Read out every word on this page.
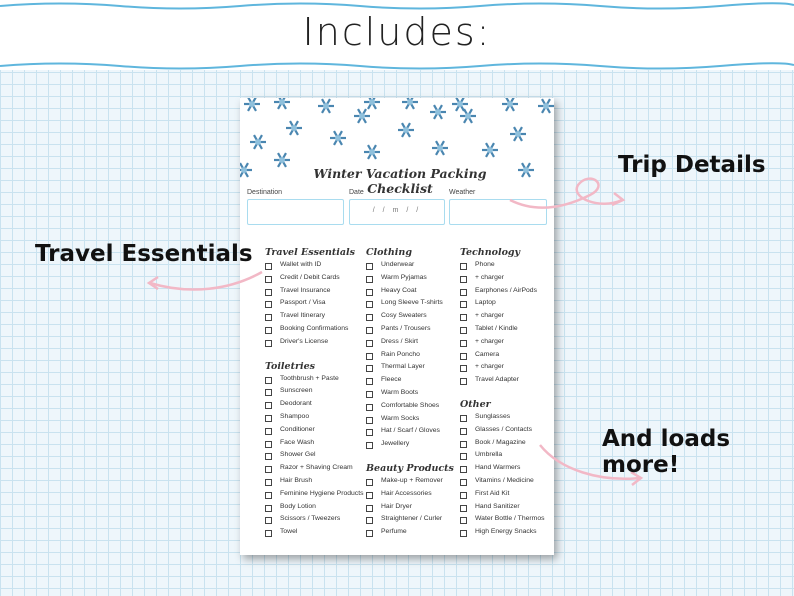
Includes:
Winter Vacation Packing Checklist
Destination	Date	Weather
/ / m / /
Travel Essentials
Wallet with ID
Credit / Debit Cards
Travel Insurance
Passport / Visa
Travel Itinerary
Booking Confirmations
Driver's License
Toiletries
Toothbrush + Paste
Sunscreen
Deodorant
Shampoo
Conditioner
Face Wash
Shower Gel
Razor + Shaving Cream
Hair Brush
Feminine Hygiene Products
Body Lotion
Scissors / Tweezers
Towel
Clothing
Underwear
Warm Pyjamas
Heavy Coat
Long Sleeve T-shirts
Cosy Sweaters
Pants / Trousers
Dress / Skirt
Rain Poncho
Thermal Layer
Fleece
Warm Boots
Comfortable Shoes
Warm Socks
Hat / Scarf / Gloves
Jewellery
Beauty Products
Make-up + Remover
Hair Accessories
Hair Dryer
Straightener / Curler
Perfume
Technology
Phone
+ charger
Earphones / AirPods
Laptop
+ charger
Tablet / Kindle
+ charger
Camera
+ charger
Travel Adapter
Other
Sunglasses
Glasses / Contacts
Book / Magazine
Umbrella
Hand Warmers
Vitamins / Medicine
First Aid Kit
Hand Sanitizer
Water Bottle / Thermos
High Energy Snacks
Trip Details
Travel Essentials
And loads more!
